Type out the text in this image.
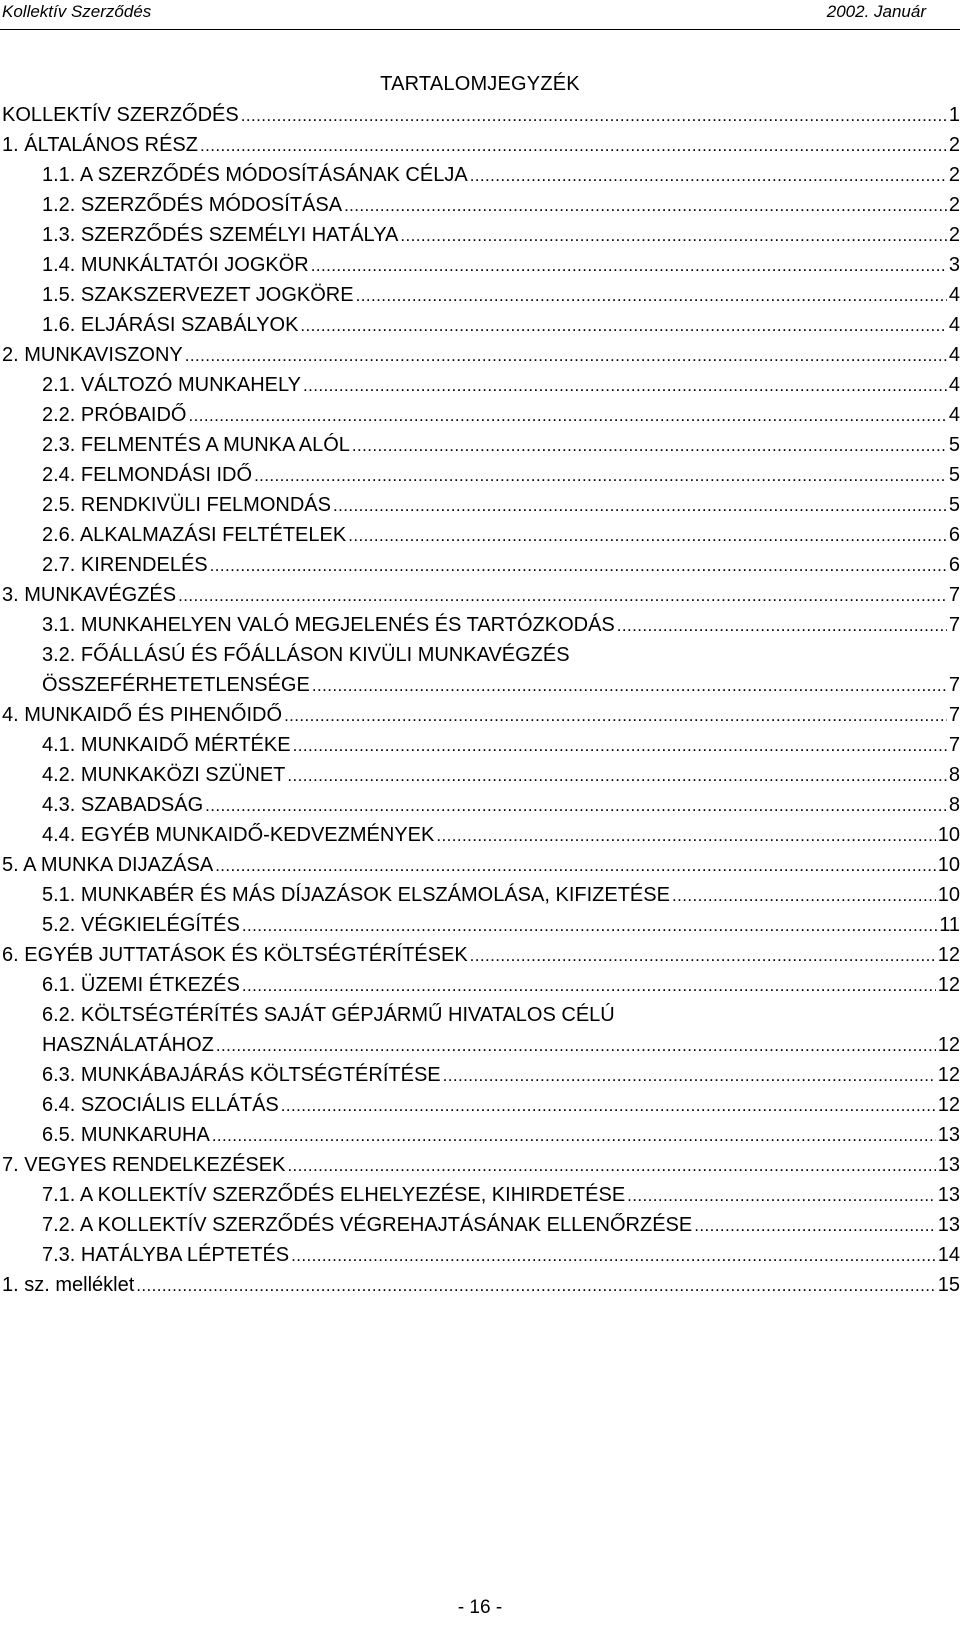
Kollektív Szerződés	2002. Január
TARTALOMJEGYZÉK
KOLLEKTÍV SZERZŐDÉS .....	1
1. ÁLTALÁNOS RÉSZ .....	2
1.1. A SZERZŐDÉS MÓDOSÍTÁSÁNAK CÉLJA .....	2
1.2. SZERZŐDÉS MÓDOSÍTÁSA .....	2
1.3. SZERZŐDÉS SZEMÉLYI HATÁLYA .....	2
1.4. MUNKÁLTATÓI JOGKÖR .....	3
1.5. SZAKSZERVEZET JOGKÖRE .....	4
1.6. ELJÁRÁSI SZABÁLYOK .....	4
2. MUNKAVISZONY .....	4
2.1. VÁLTOZÓ MUNKAHELY .....	4
2.2. PRÓBAIDŐ .....	4
2.3. FELMENTÉS A MUNKA ALÓL .....	5
2.4. FELMONDÁSI IDŐ .....	5
2.5. RENDKIVÜLI FELMONDÁS .....	5
2.6. ALKALMAZÁSI FELTÉTELEK .....	6
2.7. KIRENDELÉS .....	6
3. MUNKAVÉGZÉS .....	7
3.1. MUNKAHELYEN VALÓ MEGJELENÉS ÉS TARTÓZKODÁS .....	7
3.2. FŐÁLLÁSÚ ÉS FŐÁLLÁSON KIVÜLI MUNKAVÉGZÉS
ÖSSZEFÉRHETETLENSÉGE .....	7
4. MUNKAIDŐ ÉS PIHENŐIDŐ .....	7
4.1. MUNKAIDŐ MÉRTÉKE .....	7
4.2. MUNKAKÖZI SZÜNET .....	8
4.3. SZABADSÁG .....	8
4.4. EGYÉB MUNKAIDŐ-KEDVEZMÉNYEK .....	10
5. A MUNKA DIJAZÁSA .....	10
5.1. MUNKABÉR ÉS MÁS DÍJAZÁSOK ELSZÁMOLÁSA, KIFIZETÉSE .....	10
5.2. VÉGKIELÉGÍTÉS .....	11
6. EGYÉB JUTTATÁSOK ÉS KÖLTSÉGTÉRÍTÉSEK .....	12
6.1. ÜZEMI ÉTKEZÉS .....	12
6.2. KÖLTSÉGTÉRÍTÉS SAJÁT GÉPJÁRMŰ HIVATALOS CÉLÚ
HASZNÁLATÁHOZ .....	12
6.3. MUNKÁBAJÁRÁS KÖLTSÉGTÉRÍTÉSE .....	12
6.4. SZOCIÁLIS ELLÁTÁS .....	12
6.5. MUNKARUHA .....	13
7. VEGYES RENDELKEZÉSEK .....	13
7.1. A KOLLEKTÍV SZERZŐDÉS ELHELYEZÉSE, KIHIRDETÉSE .....	13
7.2. A KOLLEKTÍV SZERZŐDÉS VÉGREHAJTÁSÁNAK ELLENŐRZÉSE .....	13
7.3. HATÁLYBA LÉPTETÉS .....	14
1. sz. melléklet .....	15
- 16 -
